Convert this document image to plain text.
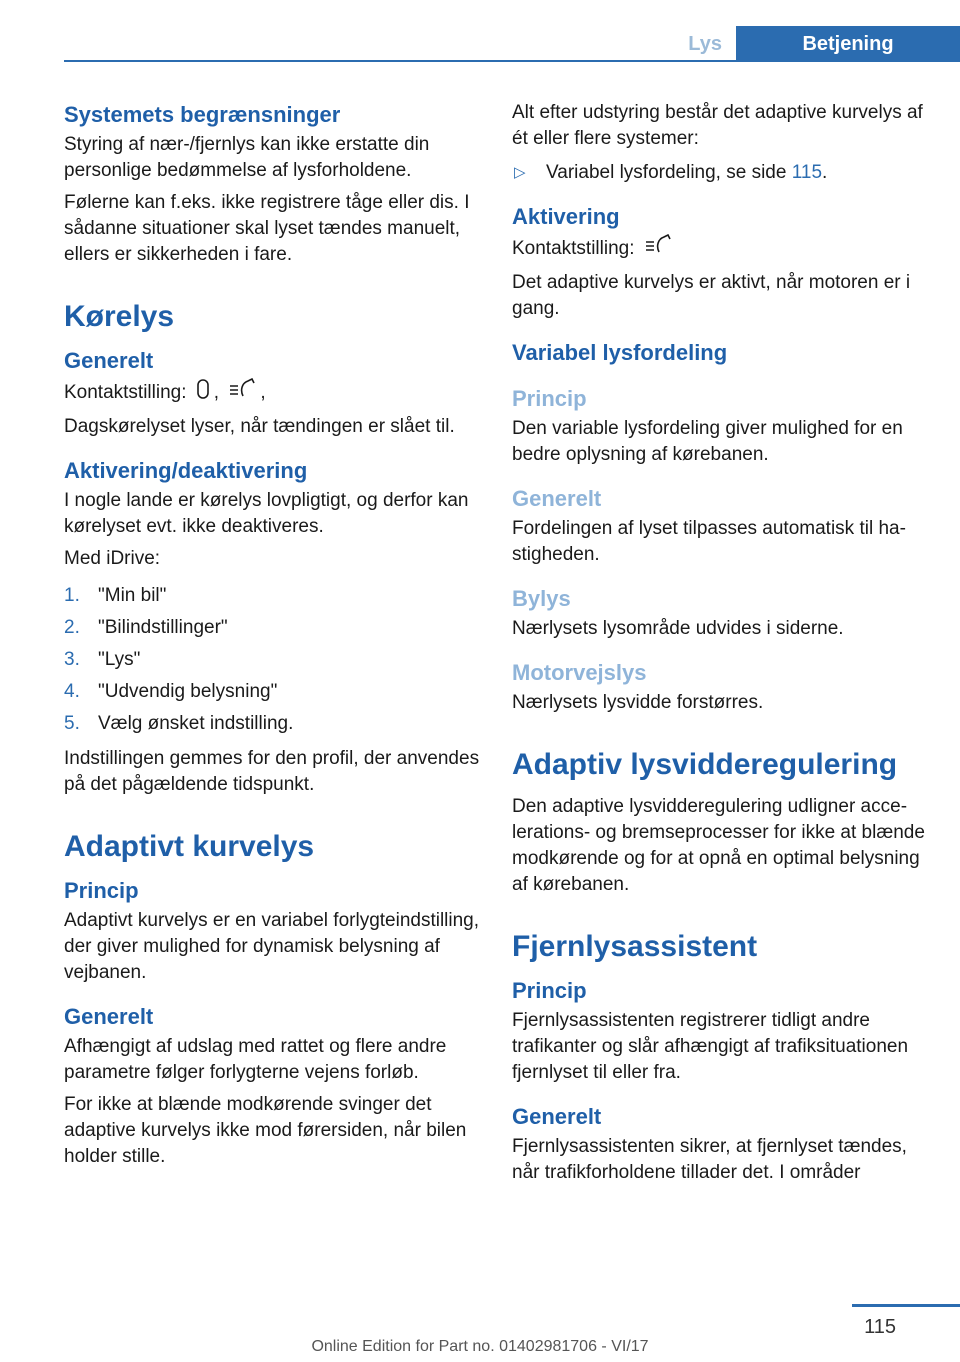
Lys	Betjening
Systemets begrænsninger

Styring af nær-/fjernlys kan ikke erstatte din personlige bedømmelse af lysforholdene.

Følerne kan f.eks. ikke registrere tåge eller dis. I sådanne situationer skal lyset tændes manuelt, ellers er sikkerheden i fare.

Kørelys
Generelt

Kontaktstilling: , ,

Dagskørelyset lyser, når tændingen er slået til.

Aktivering/deaktivering

I nogle lande er kørelys lovpligtigt, og derfor kan kørelyset evt. ikke deaktiveres.

Med iDrive:

1. "Min bil"
2. "Bilindstillinger"
3. "Lys"
4. "Udvendig belysning"
5. Vælg ønsket indstilling.

Indstillingen gemmes for den profil, der anvendes på det pågældende tidspunkt.

Adaptivt kurvelys
Princip

Adaptivt kurvelys er en variabel forlygteindstilling, der giver mulighed for dynamisk belysning af vejbanen.

Generelt

Afhængigt af udslag med rattet og flere andre parametre følger forlygterne vejens forløb.

For ikke at blænde modkørende svinger det adaptive kurvelys ikke mod førersiden, når bilen holder stille.

Alt efter udstyring består det adaptive kurvelys af ét eller flere systemer:

▷ Variabel lysfordeling, se side 115.
Aktivering

Kontaktstilling:

Det adaptive kurvelys er aktivt, når motoren er i gang.

Variabel lysfordeling
Princip

Den variable lysfordeling giver mulighed for en bedre oplysning af kørebanen.

Generelt

Fordelingen af lyset tilpasses automatisk til hastigheden.

Bylys

Nærlysets lysområde udvides i siderne.

Motorvejslys

Nærlysets lysvidde forstørres.

Adaptiv lysvidderegulering

Den adaptive lysvidderegulering udligner accelerations- og bremseprocesser for ikke at blænde modkørende og for at opnå en optimal belysning af kørebanen.

Fjernlysassistent
Princip

Fjernlysassistenten registrerer tidligt andre trafikanter og slår afhængigt af trafiksituationen fjernlyset til eller fra.

Generelt

Fjernlysassistenten sikrer, at fjernlyset tændes, når trafikforholdene tillader det. I områder

115
Online Edition for Part no. 01402981706 - VI/17
